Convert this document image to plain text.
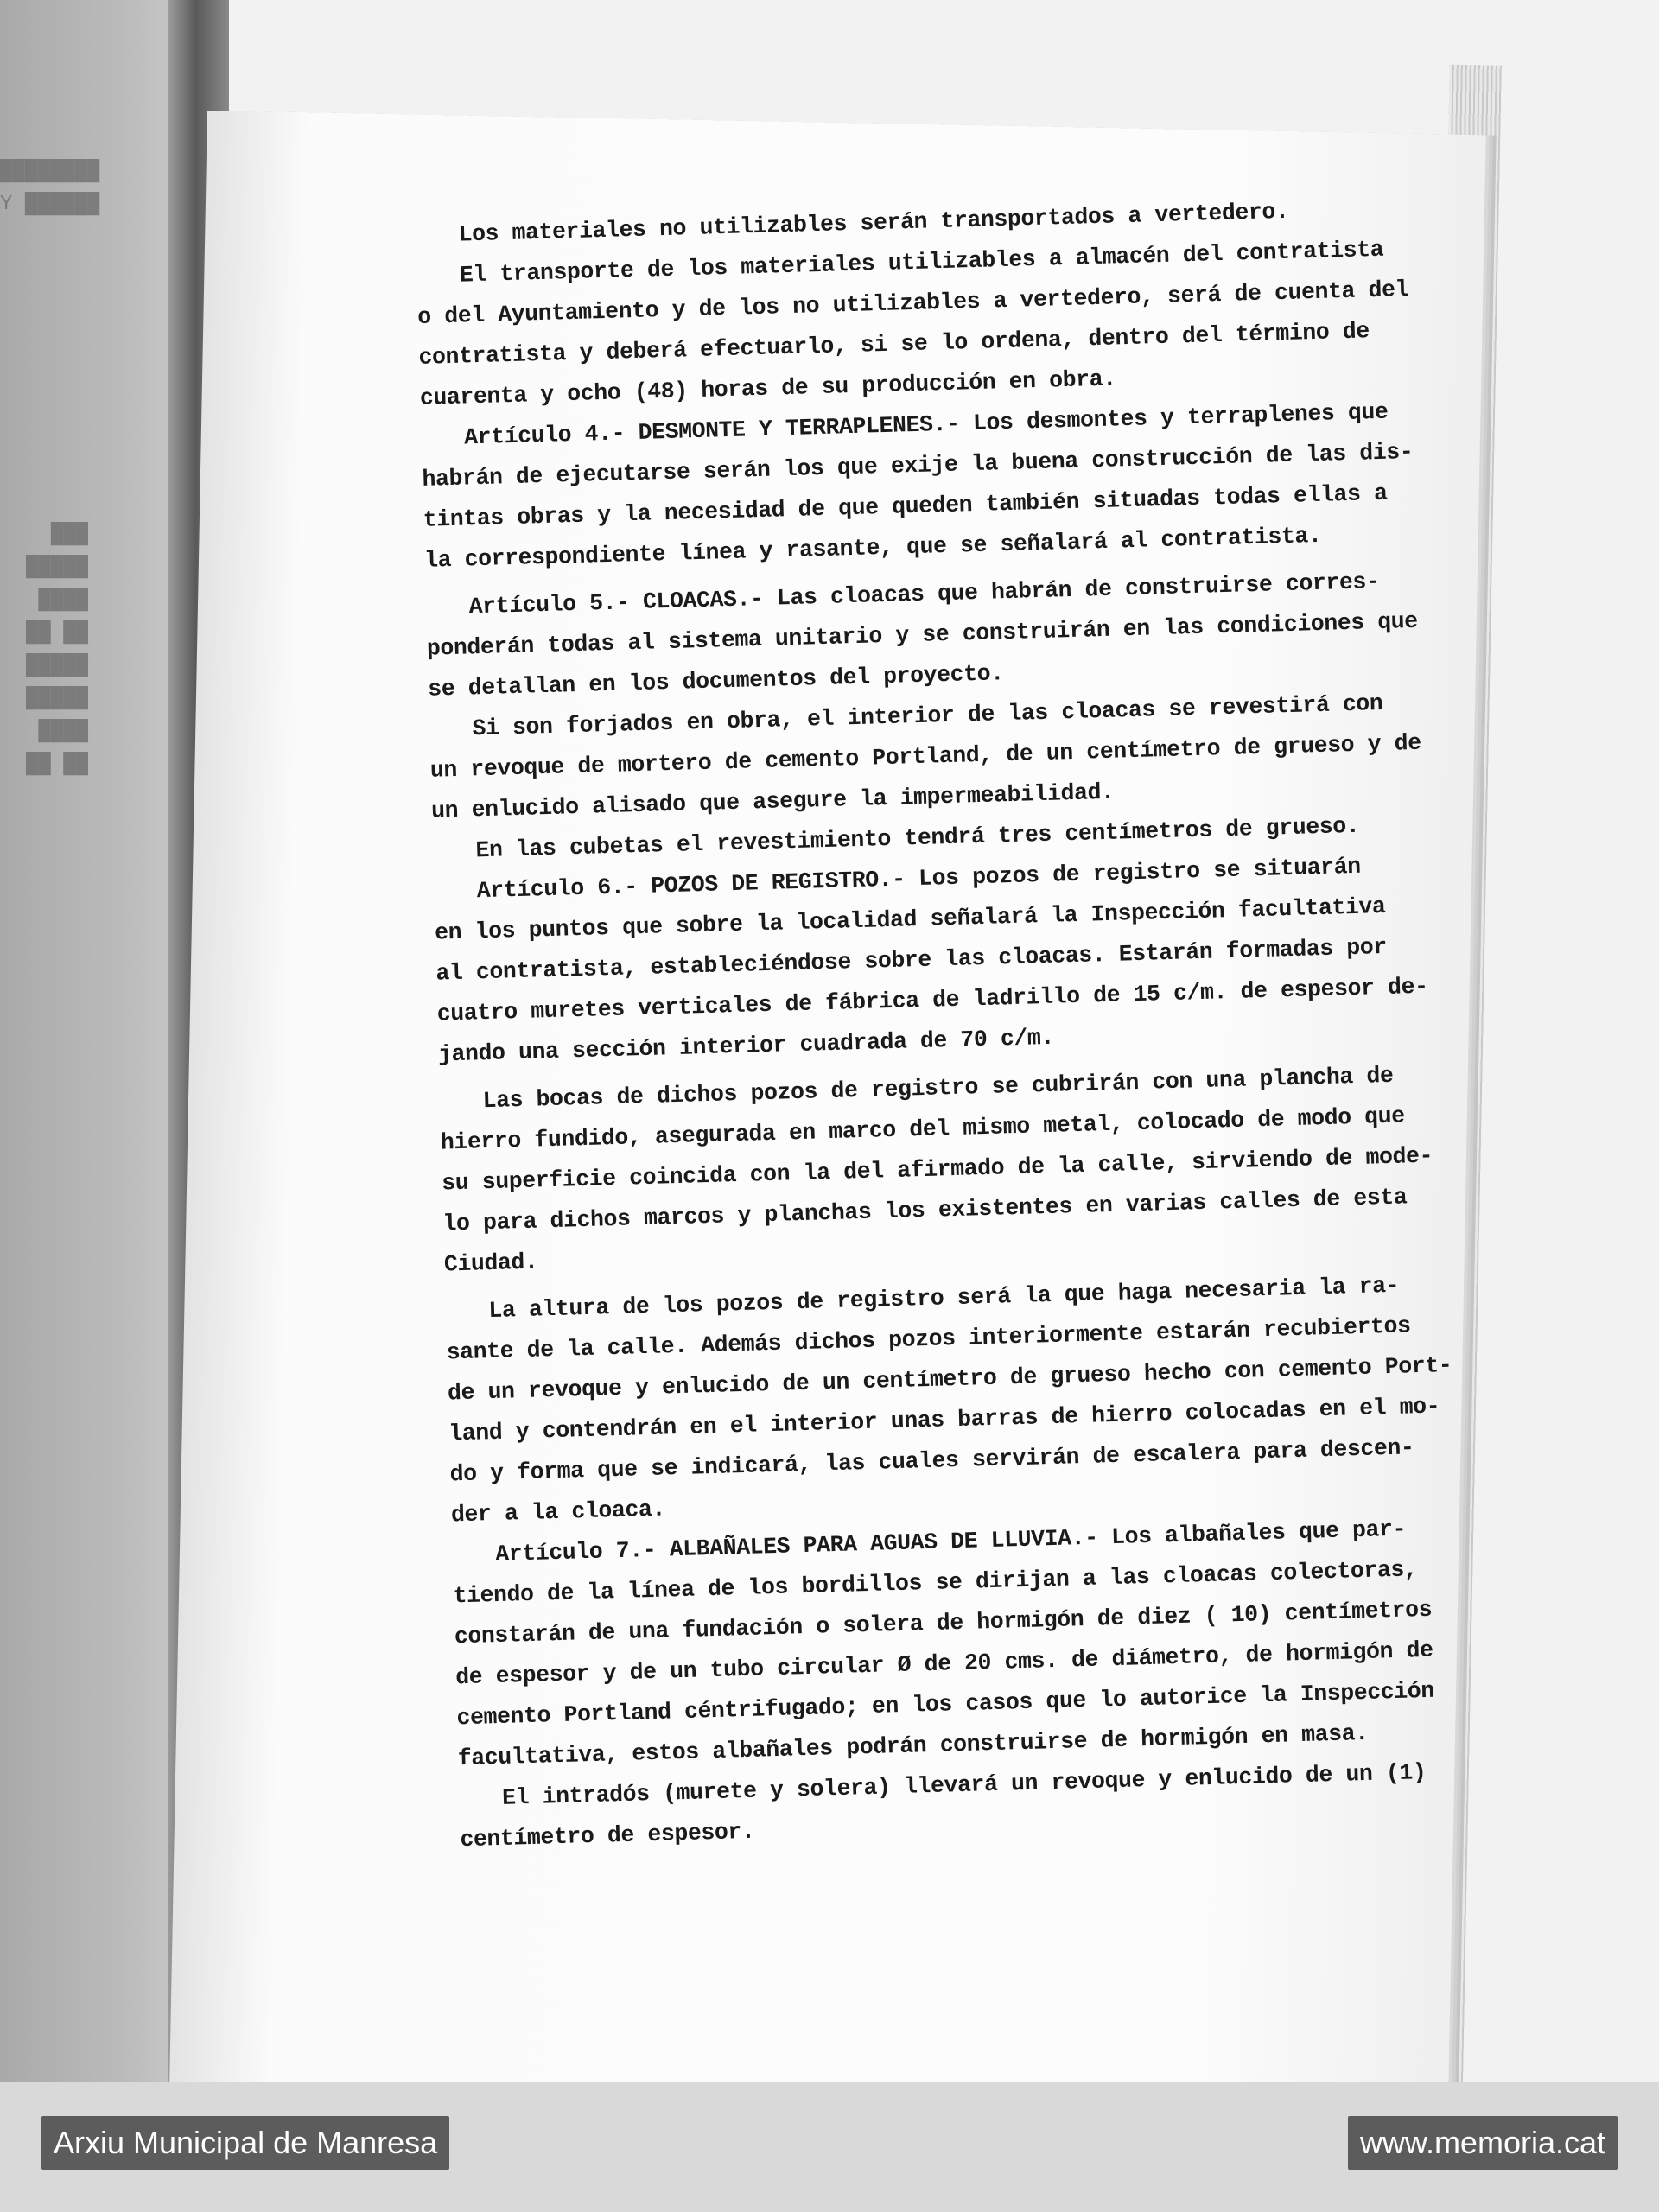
████████
██████ Y
███
█████
████
██ ██
█████
█████
████
██ ██

Los materiales no utilizables serán transportados a vertedero.

El transporte de los materiales utilizables a almacén del contratista

o del Ayuntamiento y de los no utilizables a vertedero, será de cuenta del

contratista y deberá efectuarlo, si se lo ordena, dentro del término de

cuarenta y ocho (48) horas de su producción en obra.

Artículo 4.- DESMONTE Y TERRAPLENES.- Los desmontes y terraplenes que

habrán de ejecutarse serán los que exije la buena construcción de las dis-

tintas obras y la necesidad de que queden también situadas todas ellas a

la correspondiente línea y rasante, que se señalará al contratista.

Artículo 5.- CLOACAS.- Las cloacas que habrán de construirse corres-

ponderán todas al sistema unitario y se construirán en las condiciones que

se detallan en los documentos del proyecto.

Si son forjados en obra, el interior de las cloacas se revestirá con

un revoque de mortero de cemento Portland, de un centímetro de grueso y de

un enlucido alisado que asegure la impermeabilidad.

En las cubetas el revestimiento tendrá tres centímetros de grueso.

Artículo 6.- POZOS DE REGISTRO.- Los pozos de registro se situarán

en los puntos que sobre la localidad señalará la Inspección facultativa

al contratista, estableciéndose sobre las cloacas. Estarán formadas por

cuatro muretes verticales de fábrica de ladrillo de 15 c/m. de espesor de-

jando una sección interior cuadrada de 70 c/m.

Las bocas de dichos pozos de registro se cubrirán con una plancha de

hierro fundido, asegurada en marco del mismo metal, colocado de modo que

su superficie coincida con la del afirmado de la calle, sirviendo de mode-

lo para dichos marcos y planchas los existentes en varias calles de esta

Ciudad.

La altura de los pozos de registro será la que haga necesaria la ra-

sante de la calle. Además dichos pozos interiormente estarán recubiertos

de un revoque y enlucido de un centímetro de grueso hecho con cemento Port-

land y contendrán en el interior unas barras de hierro colocadas en el mo-

do y forma que se indicará, las cuales servirán de escalera para descen-

der a la cloaca.

Artículo 7.- ALBAÑALES PARA AGUAS DE LLUVIA.- Los albañales que par-

tiendo de la línea de los bordillos se dirijan a las cloacas colectoras,

constarán de una fundación o solera de hormigón de diez ( 10) centímetros

de espesor y de un tubo circular Ø de 20 cms. de diámetro, de hormigón de

cemento Portland céntrifugado; en los casos que lo autorice la Inspección

facultativa, estos albañales podrán construirse de hormigón en masa.

El intradós (murete y solera) llevará un revoque y enlucido de un (1)

centímetro de espesor.

Arxiu Municipal de Manresa	www.memoria.cat
